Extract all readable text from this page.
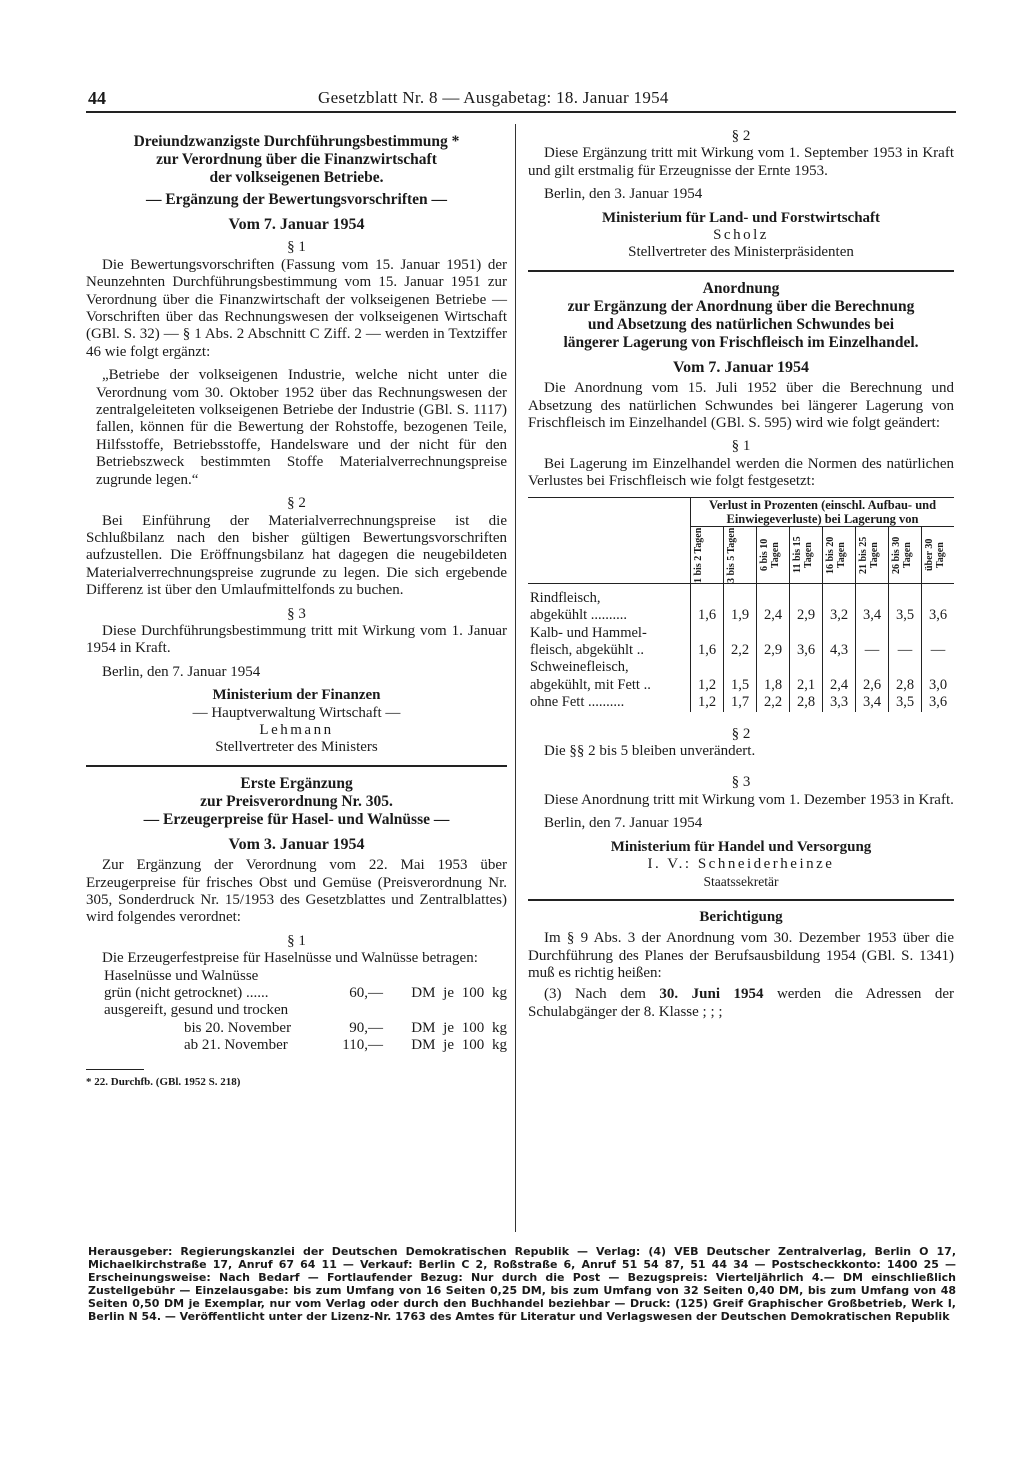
44	Gesetzblatt Nr. 8 — Ausgabetag: 18. Januar 1954
Dreiundzwanzigste Durchführungsbestimmung *
zur Verordnung über die Finanzwirtschaft
der volkseigenen Betriebe.
— Ergänzung der Bewertungsvorschriften —
Vom 7. Januar 1954
§ 1

Die Bewertungsvorschriften (Fassung vom 15. Januar 1951) der Neunzehnten Durchführungsbestimmung vom 15. Januar 1951 zur Verordnung über die Finanzwirtschaft der volkseigenen Betriebe — Vorschriften über das Rechnungswesen der volkseigenen Wirtschaft (GBl. S. 32) — § 1 Abs. 2 Abschnitt C Ziff. 2 — werden in Textziffer 46 wie folgt ergänzt:

„Betriebe der volkseigenen Industrie, welche nicht unter die Verordnung vom 30. Oktober 1952 über das Rechnungswesen der zentralgeleiteten volkseigenen Betriebe der Industrie (GBl. S. 1117) fallen, können für die Bewertung der Rohstoffe, bezogenen Teile, Hilfsstoffe, Betriebsstoffe, Handelsware und der nicht für den Betriebszweck bestimmten Stoffe Materialverrechnungspreise zugrunde legen.“

§ 2

Bei Einführung der Materialverrechnungspreise ist die Schlußbilanz nach den bisher gültigen Bewertungsvorschriften aufzustellen. Die Eröffnungsbilanz hat dagegen die neugebildeten Materialverrechnungspreise zugrunde zu legen. Die sich ergebende Differenz ist über den Umlaufmittelfonds zu buchen.

§ 3

Diese Durchführungsbestimmung tritt mit Wirkung vom 1. Januar 1954 in Kraft.

Berlin, den 7. Januar 1954

Ministerium der Finanzen
— Hauptverwaltung Wirtschaft —
Lehmann
Stellvertreter des Ministers
Erste Ergänzung
zur Preisverordnung Nr. 305.
— Erzeugerpreise für Hasel- und Walnüsse —
Vom 3. Januar 1954

Zur Ergänzung der Verordnung vom 22. Mai 1953 über Erzeugerpreise für frisches Obst und Gemüse (Preisverordnung Nr. 305, Sonderdruck Nr. 15/1953 des Gesetzblattes und Zentralblattes) wird folgendes verordnet:

§ 1

Die Erzeugerfestpreise für Haselnüsse und Walnüsse betragen:

Haselnüsse und Walnüsse

grün (nicht getrocknet) ......	60,—	DM je 100 kg

ausgereift, gesund und trocken

bis 20. November	90,—	DM je 100 kg
ab 21. November	110,—	DM je 100 kg
* 22. Durchfb. (GBl. 1952 S. 218)
§ 2

Diese Ergänzung tritt mit Wirkung vom 1. September 1953 in Kraft und gilt erstmalig für Erzeugnisse der Ernte 1953.

Berlin, den 3. Januar 1954

Ministerium für Land- und Forstwirtschaft
Scholz
Stellvertreter des Ministerpräsidenten
Anordnung
zur Ergänzung der Anordnung über die Berechnung
und Absetzung des natürlichen Schwundes bei
längerer Lagerung von Frischfleisch im Einzelhandel.
Vom 7. Januar 1954

Die Anordnung vom 15. Juli 1952 über die Berechnung und Absetzung des natürlichen Schwundes bei längerer Lagerung von Frischfleisch im Einzelhandel (GBl. S. 595) wird wie folgt geändert:

§ 1

Bei Lagerung im Einzelhandel werden die Normen des natürlichen Verlustes bei Frischfleisch wie folgt festgesetzt:

	Verlust in Prozenten (einschl. Aufbau- und Einwiegeverluste) bei Lagerung von							

	1 bis 2 Tagen	3 bis 5 Tagen	6 bis 10 Tagen	11 bis 15 Tagen	16 bis 20 Tagen	21 bis 25 Tagen	26 bis 30 Tagen	über 30 Tagen

Rindfleisch,								
abgekühlt ..........	1,6	1,9	2,4	2,9	3,2	3,4	3,5	3,6
Kalb- und Hammel-								
fleisch, abgekühlt ..	1,6	2,2	2,9	3,6	4,3	—	—	—
Schweinefleisch,								
abgekühlt, mit Fett ..	1,2	1,5	1,8	2,1	2,4	2,6	2,8	3,0
ohne Fett ..........	1,2	1,7	2,2	2,8	3,3	3,4	3,5	3,6
§ 2

Die §§ 2 bis 5 bleiben unverändert.

§ 3

Diese Anordnung tritt mit Wirkung vom 1. Dezember 1953 in Kraft.

Berlin, den 7. Januar 1954

Ministerium für Handel und Versorgung
I. V.: Schneiderheinze
Staatssekretär
Berichtigung

Im § 9 Abs. 3 der Anordnung vom 30. Dezember 1953 über die Durchführung des Planes der Berufsausbildung 1954 (GBl. S. 1341) muß es richtig heißen:

(3) Nach dem 30. Juni 1954 werden die Adressen der Schulabgänger der 8. Klasse ; ; ;

Herausgeber: Regierungskanzlei der Deutschen Demokratischen Republik — Verlag: (4) VEB Deutscher Zentralverlag, Berlin O 17, Michaelkirchstraße 17, Anruf 67 64 11 — Verkauf: Berlin C 2, Roßstraße 6, Anruf 51 54 87, 51 44 34 — Postscheckkonto: 1400 25 — Erscheinungsweise: Nach Bedarf — Fortlaufender Bezug: Nur durch die Post — Bezugspreis: Vierteljährlich 4.— DM einschließlich Zustellgebühr — Einzelausgabe: bis zum Umfang von 16 Seiten 0,25 DM, bis zum Umfang von 32 Seiten 0,40 DM, bis zum Umfang von 48 Seiten 0,50 DM je Exemplar, nur vom Verlag oder durch den Buchhandel beziehbar — Druck: (125) Greif Graphischer Großbetrieb, Werk I, Berlin N 54. — Veröffentlicht unter der Lizenz-Nr. 1763 des Amtes für Literatur und Verlagswesen der Deutschen Demokratischen Republik
